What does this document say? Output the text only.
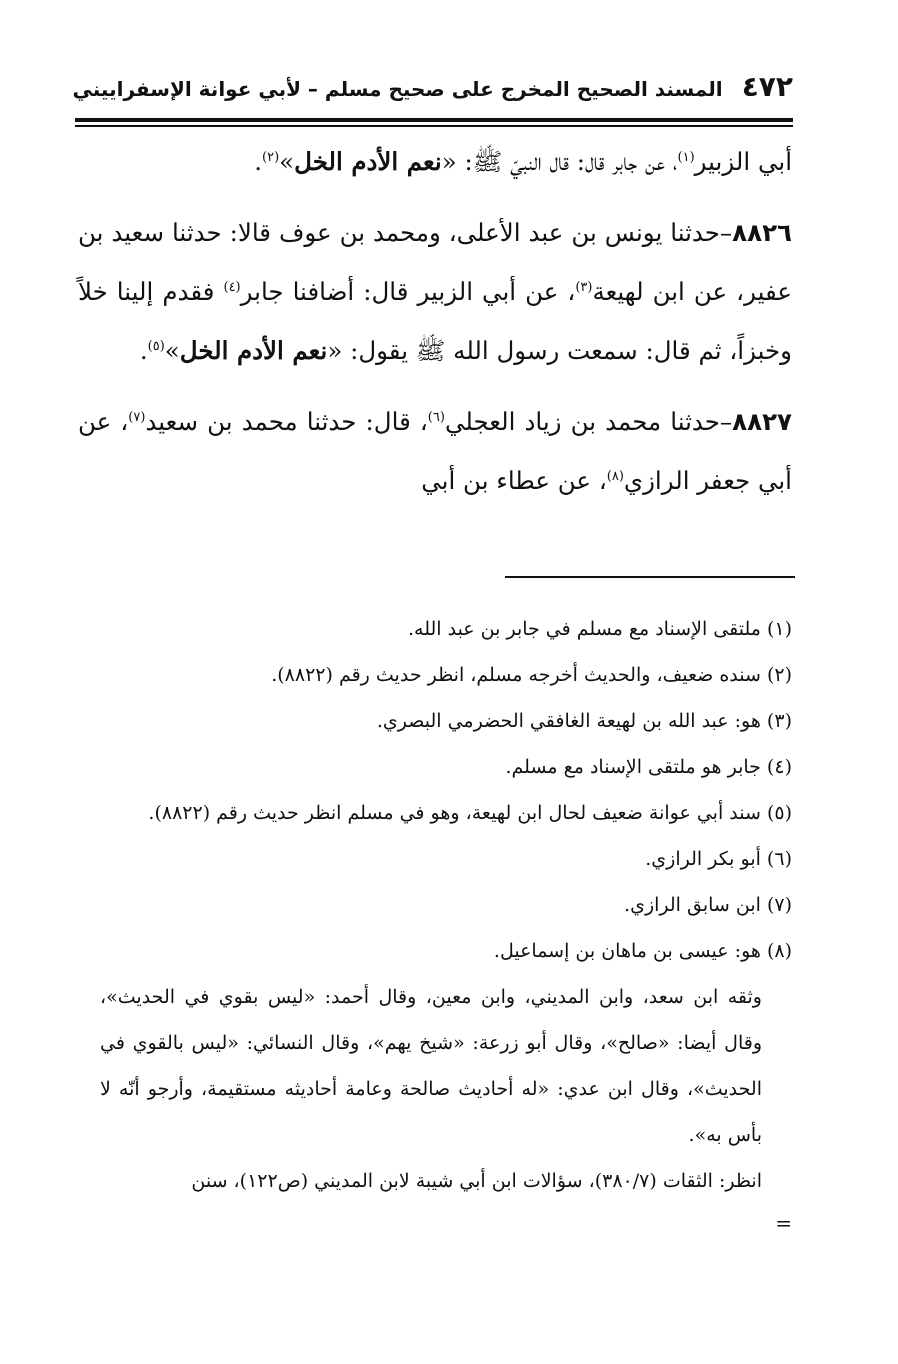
٤٧٢ المسند الصحيح المخرج على صحيح مسلم – لأبي عوانة الإسفراييني

أبي الزبير$^{(١)}$، عن جابر قال: قال النبيّ ﷺ: «نعم الأدم الخل»$^{(٢)}$.

٨٨٢٦–حدثنا يونس بن عبد الأعلى، ومحمد بن عوف قالا: حدثنا سعيد بن عفير، عن ابن لهيعة$^{(٣)}$، عن أبي الزبير قال: أضافنا جابر$^{(٤)}$ فقدم إلينا خلاً وخبزاً، ثم قال: سمعت رسول الله ﷺ يقول: «نعم الأدم الخل»$^{(٥)}$.

٨٨٢٧–حدثنا محمد بن زياد العجلي$^{(٦)}$، قال: حدثنا محمد بن سعيد$^{(٧)}$، عن أبي جعفر الرازي$^{(٨)}$، عن عطاء بن أبي

(١) ملتقى الإسناد مع مسلم في جابر بن عبد الله.

(٢) سنده ضعيف، والحديث أخرجه مسلم، انظر حديث رقم (٨٨٢٢).

(٣) هو: عبد الله بن لهيعة الغافقي الحضرمي البصري.

(٤) جابر هو ملتقى الإسناد مع مسلم.

(٥) سند أبي عوانة ضعيف لحال ابن لهيعة، وهو في مسلم انظر حديث رقم (٨٨٢٢).

(٦) أبو بكر الرازي.

(٧) ابن سابق الرازي.

(٨) هو: عيسى بن ماهان بن إسماعيل.

وثقه ابن سعد، وابن المديني، وابن معين، وقال أحمد: «ليس بقوي في الحديث»، وقال أيضا: «صالح»، وقال أبو زرعة: «شيخ يهم»، وقال النسائي: «ليس بالقوي في الحديث»، وقال ابن عدي: «له أحاديث صالحة وعامة أحاديثه مستقيمة، وأرجو أنّه لا بأس به».

انظر: الثقات (٣٨٠/٧)، سؤالات ابن أبي شيبة لابن المديني (ص١٢٢)، سنن

=
